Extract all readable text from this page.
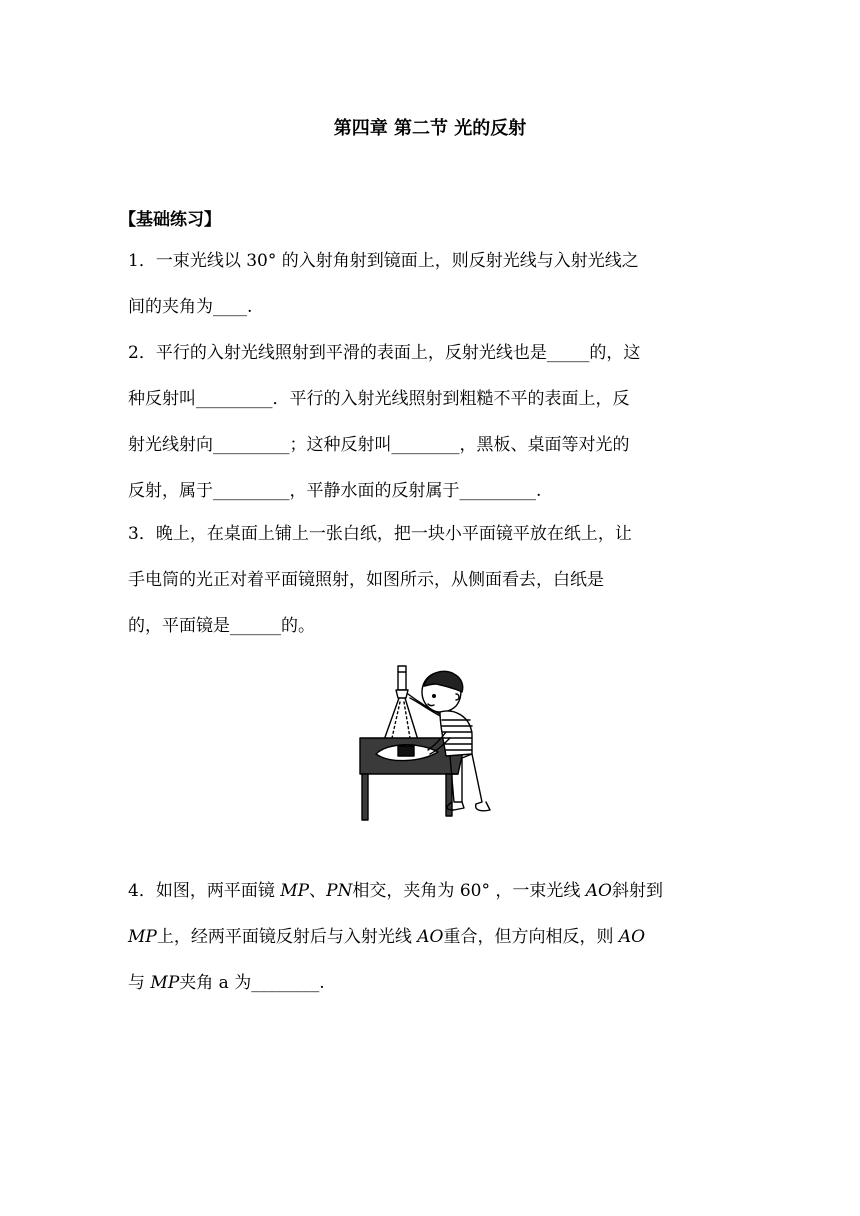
第四章 第二节 光的反射
【基础练习】
1．一束光线以 30° 的入射角射到镜面上，则反射光线与入射光线之
间的夹角为____.
2．平行的入射光线照射到平滑的表面上，反射光线也是_____的，这
种反射叫_________．平行的入射光线照射到粗糙不平的表面上，反
射光线射向_________；这种反射叫________，黑板、桌面等对光的
反射，属于_________，平静水面的反射属于_________.
3．晚上，在桌面上铺上一张白纸，把一块小平面镜平放在纸上，让
手电筒的光正对着平面镜照射，如图所示，从侧面看去，白纸是
的，平面镜是______的。
4．如图，两平面镜 MP、PN相交，夹角为 60° ，一束光线 AO斜射到
MP上，经两平面镜反射后与入射光线 AO重合，但方向相反，则 AO
与 MP夹角 a 为________.
